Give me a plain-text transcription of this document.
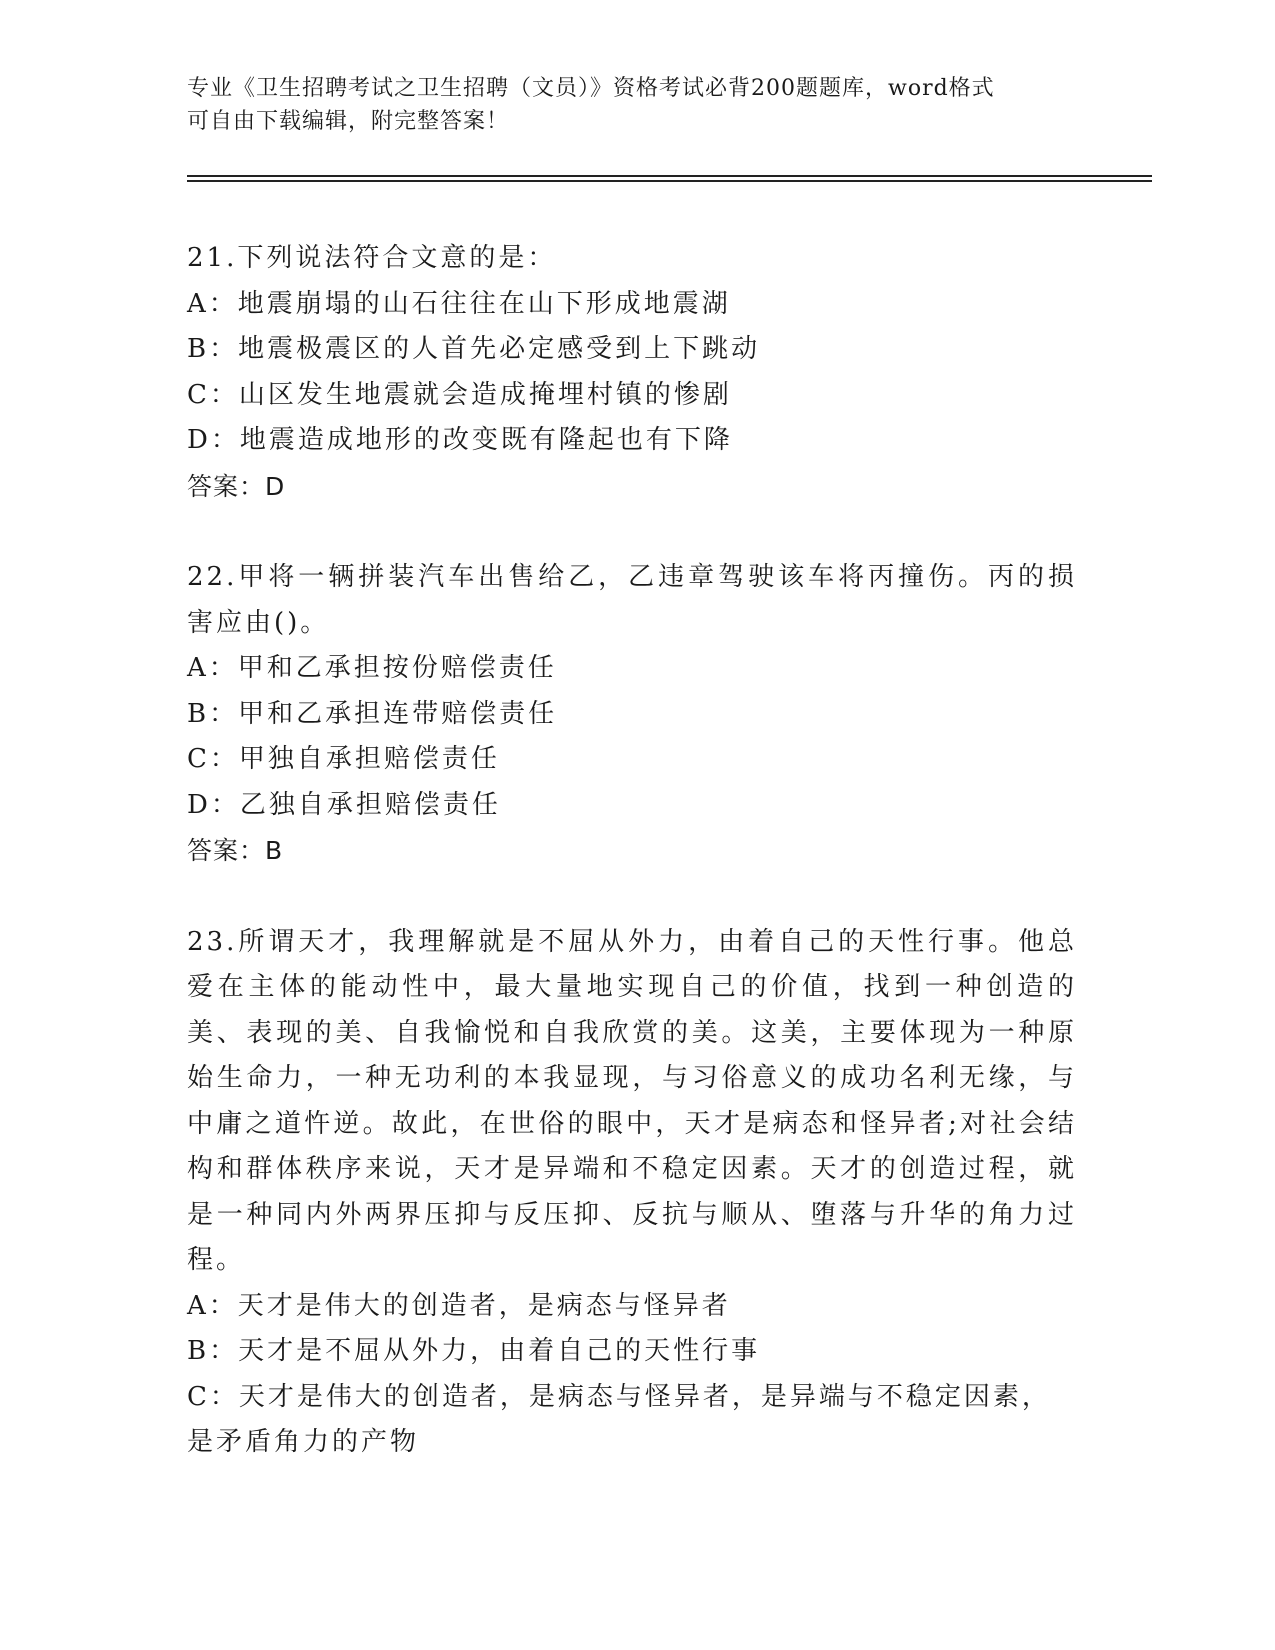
专业《卫生招聘考试之卫生招聘（文员）》资格考试必背200题题库，word格式
可自由下载编辑，附完整答案！

21.下列说法符合文意的是：

A：地震崩塌的山石往往在山下形成地震湖

B：地震极震区的人首先必定感受到上下跳动

C：山区发生地震就会造成掩埋村镇的惨剧

D：地震造成地形的改变既有隆起也有下降

答案：D

22.甲将一辆拼装汽车出售给乙，乙违章驾驶该车将丙撞伤。丙的损害应由()。

A：甲和乙承担按份赔偿责任

B：甲和乙承担连带赔偿责任

C：甲独自承担赔偿责任

D：乙独自承担赔偿责任

答案：B

23.所谓天才，我理解就是不屈从外力，由着自己的天性行事。他总爱在主体的能动性中，最大量地实现自己的价值，找到一种创造的美、表现的美、自我愉悦和自我欣赏的美。这美，主要体现为一种原始生命力，一种无功利的本我显现，与习俗意义的成功名利无缘，与中庸之道忤逆。故此，在世俗的眼中，天才是病态和怪异者;对社会结构和群体秩序来说，天才是异端和不稳定因素。天才的创造过程，就是一种同内外两界压抑与反压抑、反抗与顺从、堕落与升华的角力过程。

A：天才是伟大的创造者，是病态与怪异者

B：天才是不屈从外力，由着自己的天性行事

C：天才是伟大的创造者，是病态与怪异者，是异端与不稳定因素，是矛盾角力的产物
